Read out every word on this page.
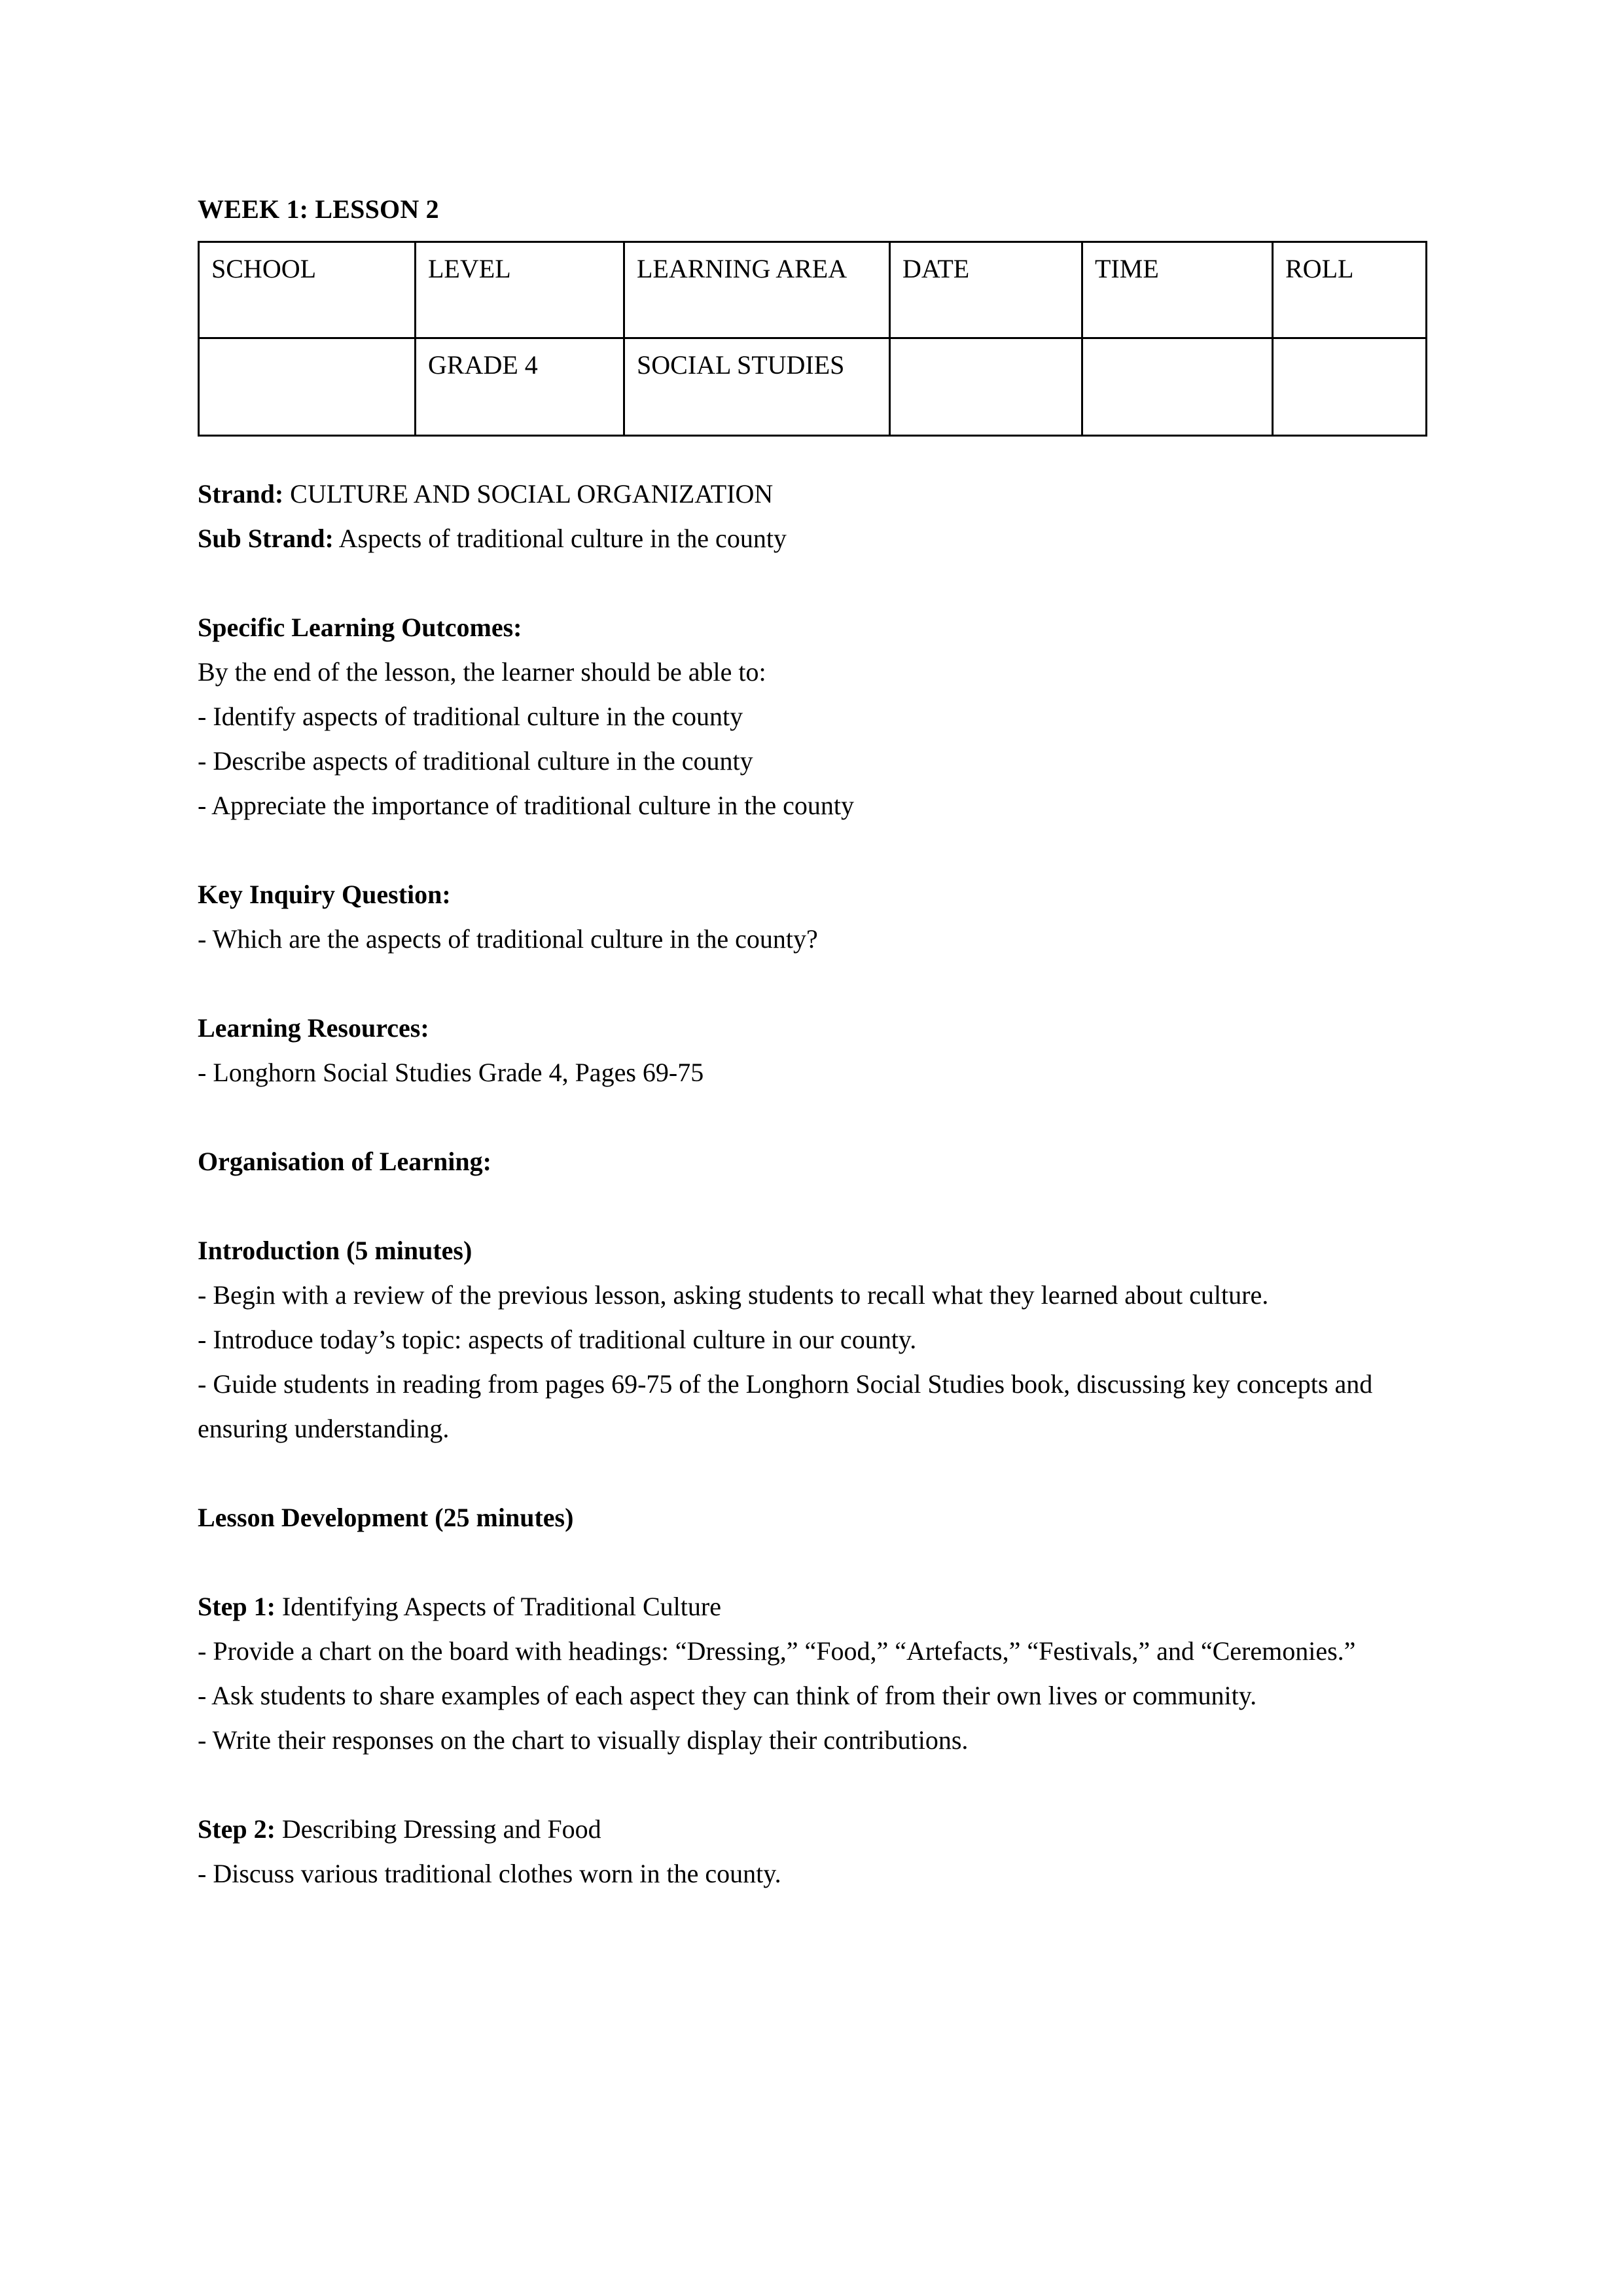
WEEK 1: LESSON 2
SCHOOL	LEVEL	LEARNING AREA	DATE	TIME	ROLL
	GRADE 4	SOCIAL STUDIES			

Strand: CULTURE AND SOCIAL ORGANIZATION

Sub Strand: Aspects of traditional culture in the county

Specific Learning Outcomes:

By the end of the lesson, the learner should be able to:

- Identify aspects of traditional culture in the county

- Describe aspects of traditional culture in the county

- Appreciate the importance of traditional culture in the county

Key Inquiry Question:

- Which are the aspects of traditional culture in the county?

Learning Resources:

- Longhorn Social Studies Grade 4, Pages 69-75

Organisation of Learning:

Introduction (5 minutes)

- Begin with a review of the previous lesson, asking students to recall what they learned about culture.

- Introduce today’s topic: aspects of traditional culture in our county.

- Guide students in reading from pages 69-75 of the Longhorn Social Studies book, discussing key concepts and ensuring understanding.

Lesson Development (25 minutes)

Step 1: Identifying Aspects of Traditional Culture

- Provide a chart on the board with headings: “Dressing,” “Food,” “Artefacts,” “Festivals,” and “Ceremonies.”

- Ask students to share examples of each aspect they can think of from their own lives or community.

- Write their responses on the chart to visually display their contributions.

Step 2: Describing Dressing and Food

- Discuss various traditional clothes worn in the county.
